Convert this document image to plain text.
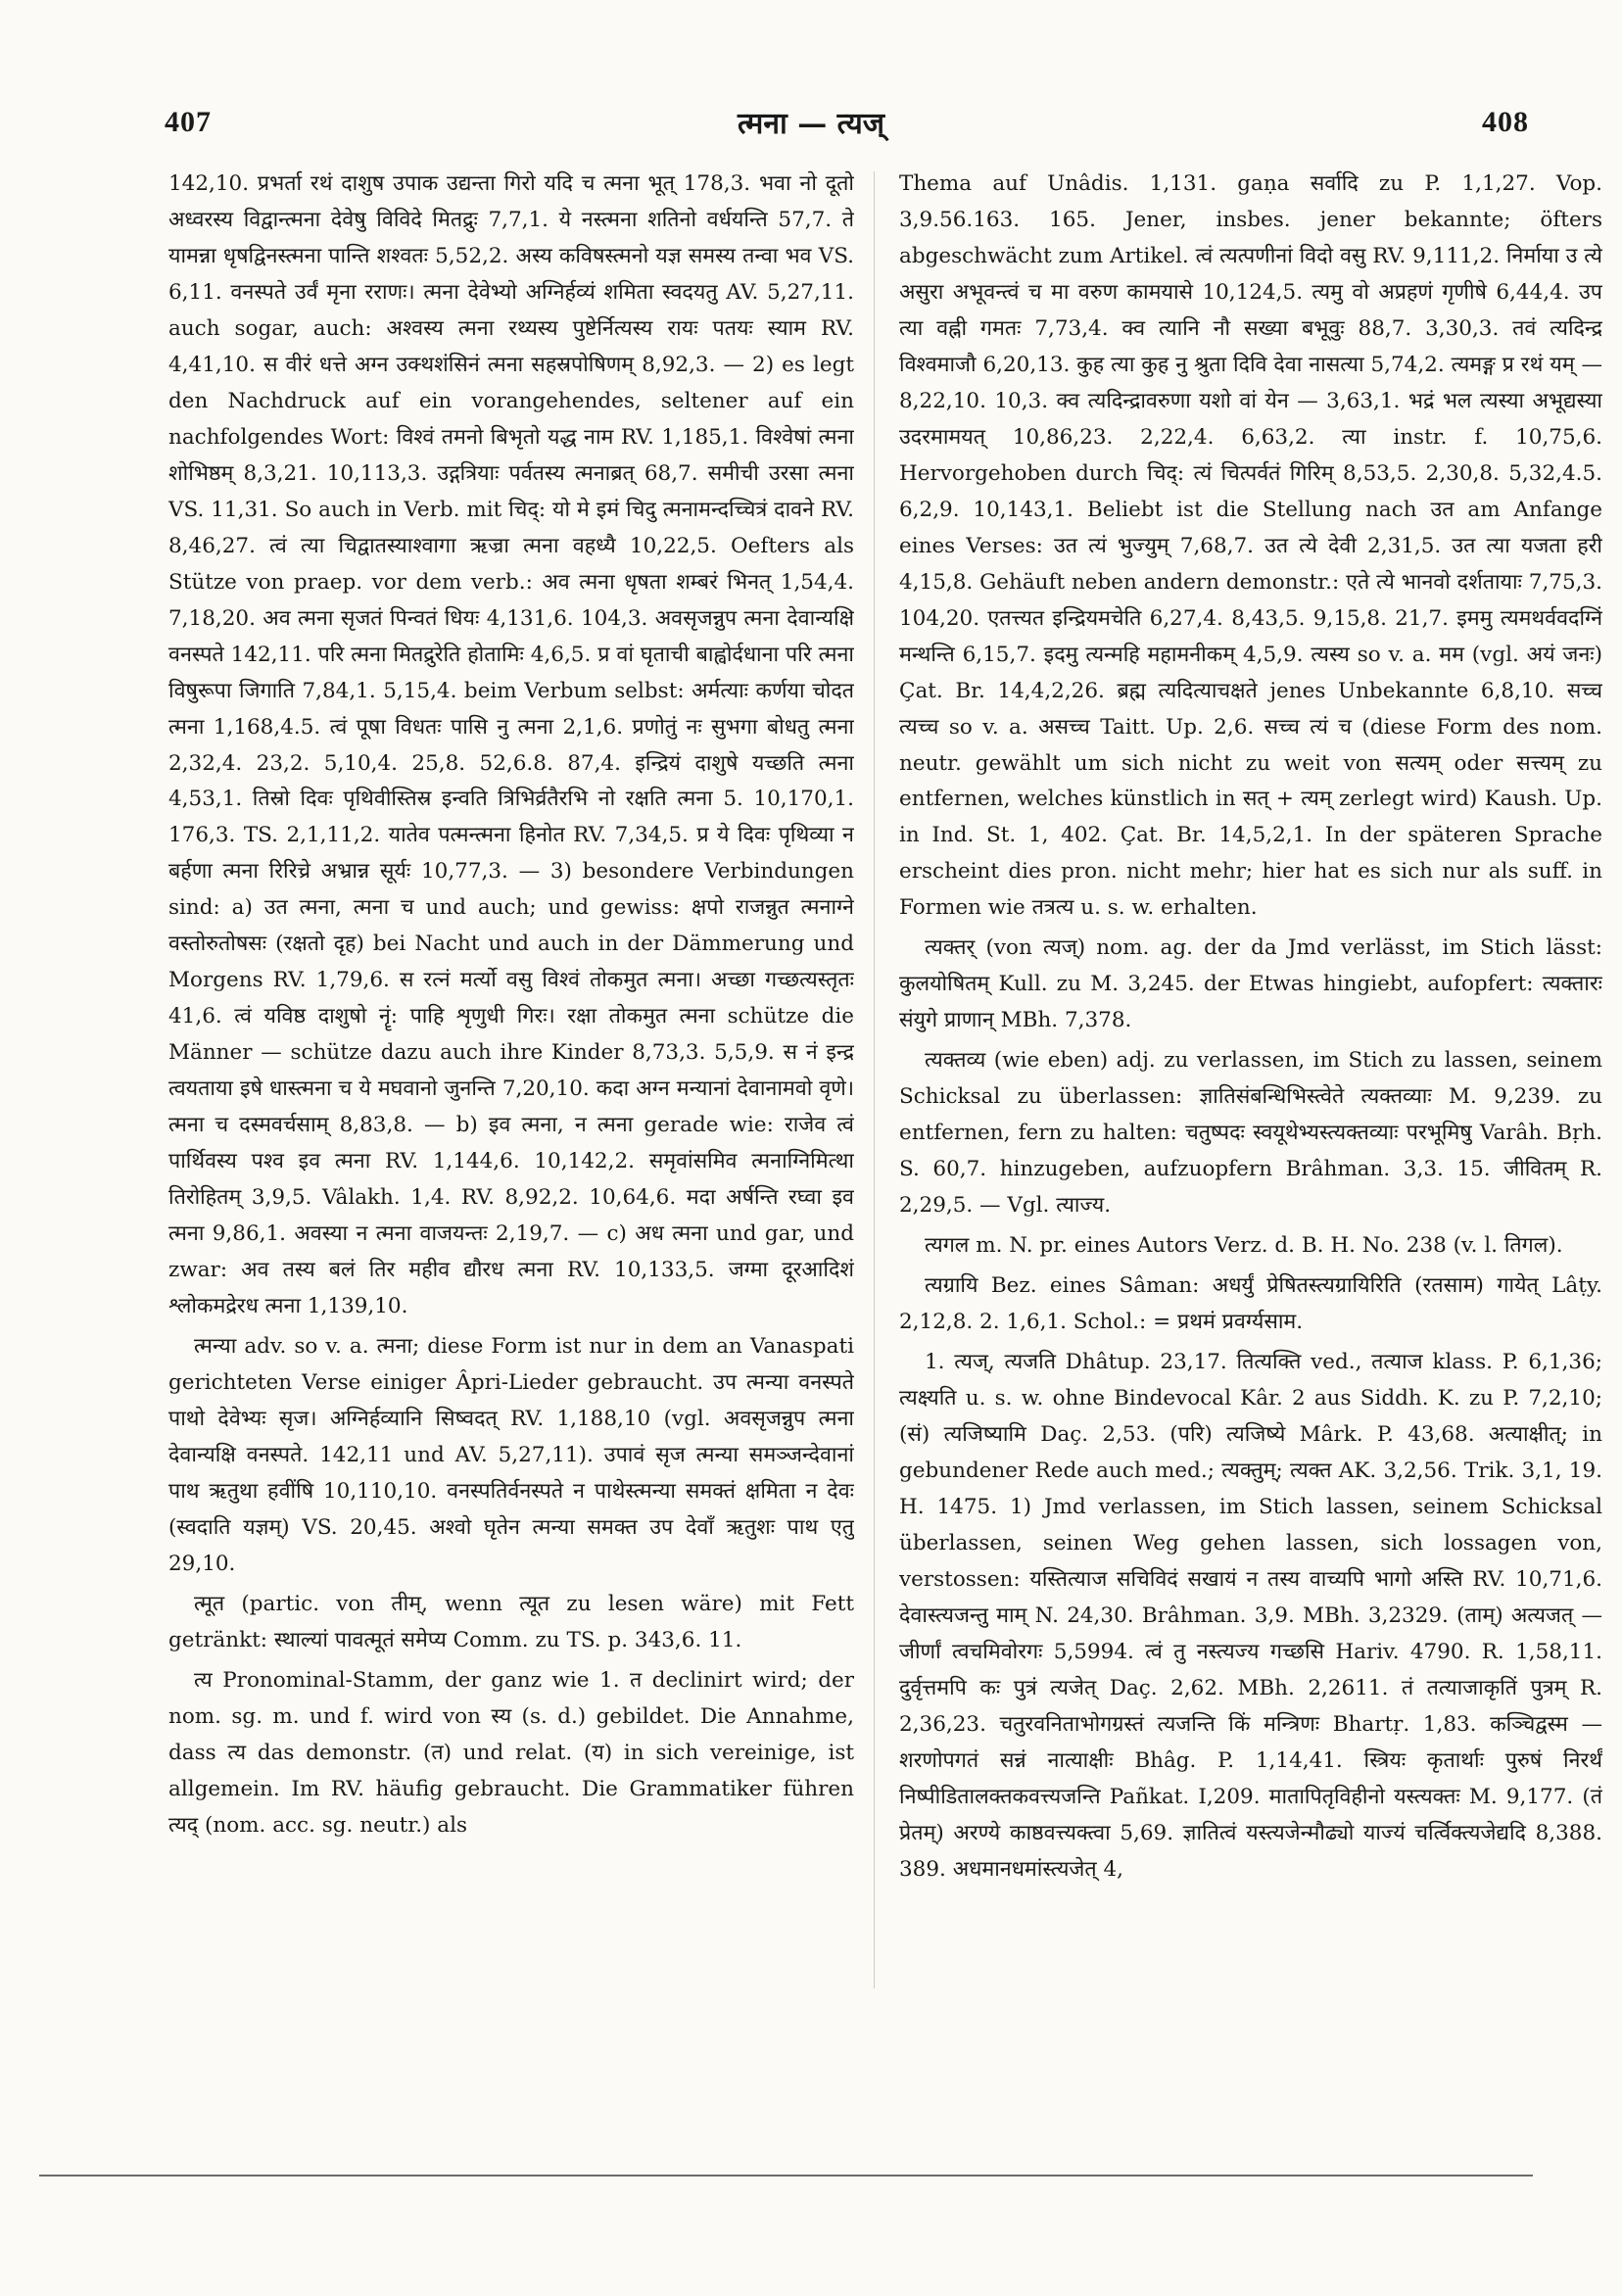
407	त्मना — त्यज्	408

142,10. प्रभर्ता रथं दाशुष उपाक उद्यन्ता गिरो यदि च त्मना भूत् 178,3. भवा नो दूतो अध्वरस्य विद्वान्त्मना देवेषु विविदे मितद्रुः 7,7,1. ये नस्त्मना शतिनो वर्धयन्ति 57,7. ते यामन्ना धृषद्विनस्त्मना पान्ति शश्वतः 5,52,2. अस्य कविषस्त्मनो यज्ञ समस्य तन्वा भव VS. 6,11. वनस्पते उर्वं मृना रराणः। त्मना देवेभ्यो अग्निर्हव्यं शमिता स्वदयतु AV. 5,27,11. auch sogar, auch: अश्वस्य त्मना रथ्यस्य पुष्टेर्नित्यस्य रायः पतयः स्याम RV. 4,41,10. स वीरं धत्ते अग्न उक्थशंसिनं त्मना सहस्रपोषिणम् 8,92,3. — 2) es legt den Nachdruck auf ein vorangehendes, seltener auf ein nachfolgendes Wort: विश्वं तमनो बिभृतो यद्ध नाम RV. 1,185,1. विश्वेषां त्मना शोभिष्ठम् 8,3,21. 10,113,3. उद्गत्रियाः पर्वतस्य त्मनाब्रत् 68,7. समीची उरसा त्मना VS. 11,31. So auch in Verb. mit चिद्: यो मे इमं चिदु त्मनामन्दच्चित्रं दावने RV. 8,46,27. त्वं त्या चिद्वातस्याश्वागा ऋज्रा त्मना वहध्यै 10,22,5. Oefters als Stütze von praep. vor dem verb.: अव त्मना धृषता शम्बरं भिनत् 1,54,4. 7,18,20. अव त्मना सृजतं पिन्वतं धियः 4,131,6. 104,3. अवसृजन्नुप त्मना देवान्यक्षि वनस्पते 142,11. परि त्मना मितद्रुरेति होतामिः 4,6,5. प्र वां घृताची बाह्वोर्दधाना परि त्मना विषुरूपा जिगाति 7,84,1. 5,15,4. beim Verbum selbst: अर्मत्याः कर्णया चोदत त्मना 1,168,4.5. त्वं पूषा विधतः पासि नु त्मना 2,1,6. प्रणोतुं नः सुभगा बोधतु त्मना 2,32,4. 23,2. 5,10,4. 25,8. 52,6.8. 87,4. इन्द्रियं दाशुषे यच्छति त्मना 4,53,1. तिस्रो दिवः पृथिवीस्तिस्र इन्वति त्रिभिर्व्रतैरभि नो रक्षति त्मना 5. 10,170,1. 176,3. TS. 2,1,11,2. यातेव पत्मन्त्मना हिनोत RV. 7,34,5. प्र ये दिवः पृथिव्या न बर्हणा त्मना रिरिच्रे अभ्रान्न सूर्यः 10,77,3. — 3) besondere Verbindungen sind: a) उत त्मना, त्मना च und auch; und gewiss: क्षपो राजन्नुत त्मनाग्ने वस्तोरुतोषसः (रक्षतो दृह) bei Nacht und auch in der Dämmerung und Morgens RV. 1,79,6. स रत्नं मर्त्यो वसु विश्वं तोकमुत त्मना। अच्छा गच्छत्यस्तृतः 41,6. त्वं यविष्ठ दाशुषो नॄं: पाहि शृणुधी गिरः। रक्षा तोकमुत त्मना schütze die Männer — schütze dazu auch ihre Kinder 8,73,3. 5,5,9. स नं इन्द्र त्वयताया इषे धास्त्मना च ये मघवानो जुनन्ति 7,20,10. कदा अग्न मन्यानां देवानामवो वृणे। त्मना च दस्मवर्चसाम् 8,83,8. — b) इव त्मना, न त्मना gerade wie: राजेव त्वं पार्थिवस्य पश्व इव त्मना RV. 1,144,6. 10,142,2. समृवांसमिव त्मनाग्निमित्था तिरोहितम् 3,9,5. Vâlakh. 1,4. RV. 8,92,2. 10,64,6. मदा अर्षन्ति रघ्वा इव त्मना 9,86,1. अवस्या न त्मना वाजयन्तः 2,19,7. — c) अध त्मना und gar, und zwar: अव तस्य बलं तिर महीव द्यौरध त्मना RV. 10,133,5. जग्मा दूरआदिशं श्लोकमद्रेरध त्मना 1,139,10.

त्मन्या adv. so v. a. त्मना; diese Form ist nur in dem an Vanaspati gerichteten Verse einiger Âpri-Lieder gebraucht. उप त्मन्या वनस्पते पाथो देवेभ्यः सृज। अग्निर्हव्यानि सिष्वदत् RV. 1,188,10 (vgl. अवसृजन्नुप त्मना देवान्यक्षि वनस्पते. 142,11 und AV. 5,27,11). उपावं सृज त्मन्या समञ्जन्देवानां पाथ ऋतुथा हवींषि 10,110,10. वनस्पतिर्वनस्पते न पाथेस्त्मन्या समक्तं क्षमिता न देवः (स्वदाति यज्ञम्) VS. 20,45. अश्वो घृतेन त्मन्या समक्त उप देवाँ ऋतुशः पाथ एतु 29,10.

त्मूत (partic. von तीम्, wenn त्यूत zu lesen wäre) mit Fett getränkt: स्थाल्यां पावत्मूतं समेप्य Comm. zu TS. p. 343,6. 11.

त्य Pronominal-Stamm, der ganz wie 1. त declinirt wird; der nom. sg. m. und f. wird von स्य (s. d.) gebildet. Die Annahme, dass त्य das demonstr. (त) und relat. (य) in sich vereinige, ist allgemein. Im RV. häufig gebraucht. Die Grammatiker führen त्यद् (nom. acc. sg. neutr.) als

Thema auf Unâdis. 1,131. gaṇa सर्वादि zu P. 1,1,27. Vop. 3,9.56.163. 165. Jener, insbes. jener bekannte; öfters abgeschwächt zum Artikel. त्वं त्यत्पणीनां विदो वसु RV. 9,111,2. निर्माया उ त्ये असुरा अभूवन्त्वं च मा वरुण कामयासे 10,124,5. त्यमु वो अप्रहणं गृणीषे 6,44,4. उप त्या वह्नी गमतः 7,73,4. क्व त्यानि नौ सख्या बभूवुः 88,7. 3,30,3. तवं त्यदिन्द्र विश्वमाजौ 6,20,13. कुह त्या कुह नु श्रुता दिवि देवा नासत्या 5,74,2. त्यमङ्ग प्र रथं यम् — 8,22,10. 10,3. क्व त्यदिन्द्रावरुणा यशो वां येन — 3,63,1. भद्रं भल त्यस्या अभूद्यस्या उदरमामयत् 10,86,23. 2,22,4. 6,63,2. त्या instr. f. 10,75,6. Hervorgehoben durch चिद्: त्यं चित्पर्वतं गिरिम् 8,53,5. 2,30,8. 5,32,4.5. 6,2,9. 10,143,1. Beliebt ist die Stellung nach उत am Anfange eines Verses: उत त्यं भुज्युम् 7,68,7. उत त्ये देवी 2,31,5. उत त्या यजता हरी 4,15,8. Gehäuft neben andern demonstr.: एते त्ये भानवो दर्शतायाः 7,75,3. 104,20. एतत्त्यत इन्द्रियमचेति 6,27,4. 8,43,5. 9,15,8. 21,7. इममु त्यमथर्ववदग्निं मन्थन्ति 6,15,7. इदमु त्यन्महि महामनीकम् 4,5,9. त्यस्य so v. a. मम (vgl. अयं जनः) Çat. Br. 14,4,2,26. ब्रह्म त्यदित्याचक्षते jenes Unbekannte 6,8,10. सच्च त्यच्च so v. a. असच्च Taitt. Up. 2,6. सच्च त्यं च (diese Form des nom. neutr. gewählt um sich nicht zu weit von सत्यम् oder सत्त्यम् zu entfernen, welches künstlich in सत् + त्यम् zerlegt wird) Kaush. Up. in Ind. St. 1, 402. Çat. Br. 14,5,2,1. In der späteren Sprache erscheint dies pron. nicht mehr; hier hat es sich nur als suff. in Formen wie तत्रत्य u. s. w. erhalten.

त्यक्तर् (von त्यज्) nom. ag. der da Jmd verlässt, im Stich lässt: कुलयोषितम् Kull. zu M. 3,245. der Etwas hingiebt, aufopfert: त्यक्तारः संयुगे प्राणान् MBh. 7,378.

त्यक्तव्य (wie eben) adj. zu verlassen, im Stich zu lassen, seinem Schicksal zu überlassen: ज्ञातिसंबन्धिभिस्त्वेते त्यक्तव्याः M. 9,239. zu entfernen, fern zu halten: चतुष्पदः स्वयूथेभ्यस्त्यक्तव्याः परभूमिषु Varâh. Bṛh. S. 60,7. hinzugeben, aufzuopfern Brâhman. 3,3. 15. जीवितम् R. 2,29,5. — Vgl. त्याज्य.

त्यगल m. N. pr. eines Autors Verz. d. B. H. No. 238 (v. l. तिगल).

त्यग्रायि Bez. eines Sâman: अधर्युं प्रेषितस्त्यग्रायिरिति (रतसाम) गायेत् Lâṭy. 2,12,8. 2. 1,6,1. Schol.: = प्रथमं प्रवर्ग्यसाम.

1. त्यज्, त्यजति Dhâtup. 23,17. तित्यक्ति ved., तत्याज klass. P. 6,1,36; त्यक्ष्यति u. s. w. ohne Bindevocal Kâr. 2 aus Siddh. K. zu P. 7,2,10; (सं) त्यजिष्यामि Daç. 2,53. (परि) त्यजिष्ये Mârk. P. 43,68. अत्याक्षीत्; in gebundener Rede auch med.; त्यक्तुम्; त्यक्त AK. 3,2,56. Trik. 3,1, 19. H. 1475. 1) Jmd verlassen, im Stich lassen, seinem Schicksal überlassen, seinen Weg gehen lassen, sich lossagen von, verstossen: यस्तित्याज सचिविदं सखायं न तस्य वाच्यपि भागो अस्ति RV. 10,71,6. देवास्त्यजन्तु माम् N. 24,30. Brâhman. 3,9. MBh. 3,2329. (ताम्) अत्यजत् — जीर्णां त्वचमिवोरगः 5,5994. त्वं तु नस्त्यज्य गच्छसि Hariv. 4790. R. 1,58,11. दुर्वृत्तमपि कः पुत्रं त्यजेत् Daç. 2,62. MBh. 2,2611. तं तत्याजाकृतिं पुत्रम् R. 2,36,23. चतुरवनिताभोगग्रस्तं त्यजन्ति किं मन्त्रिणः Bhartṛ. 1,83. कञ्चिद्वस्म — शरणोपगतं सन्नं नात्याक्षीः Bhâg. P. 1,14,41. स्त्रियः कृतार्थाः पुरुषं निरर्थं निष्पीडितालक्तकवत्त्यजन्ति Pañkat. I,209. मातापितृविहीनो यस्त्यक्तः M. 9,177. (तं प्रेतम्) अरण्ये काष्ठवत्त्यक्त्वा 5,69. ज्ञातित्वं यस्त्यजेन्मौढ्यो याज्यं चर्त्विक्त्यजेद्यदि 8,388. 389. अधमानधमांस्त्यजेत् 4,
